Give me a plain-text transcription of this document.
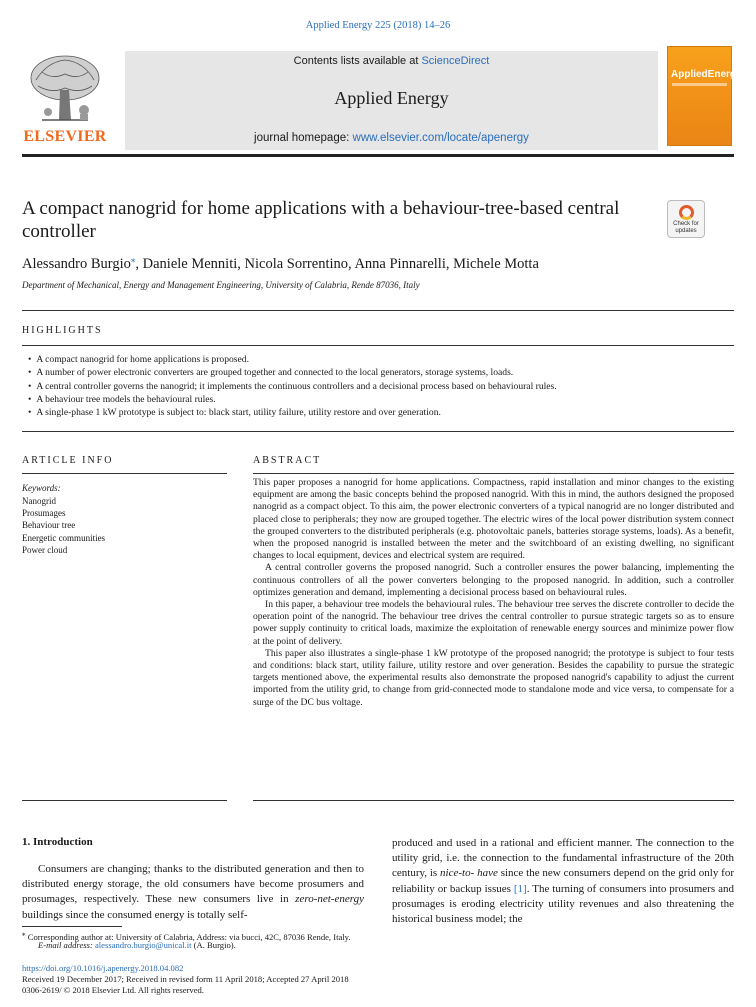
Applied Energy 225 (2018) 14–26
ELSEVIER
Contents lists available at ScienceDirect
Applied Energy
journal homepage: www.elsevier.com/locate/apenergy
AppliedEnergy
A compact nanogrid for home applications with a behaviour-tree-based central controller	Check for updates
Alessandro Burgio⁎, Daniele Menniti, Nicola Sorrentino, Anna Pinnarelli, Michele Motta
Department of Mechanical, Energy and Management Engineering, University of Calabria, Rende 87036, Italy
HIGHLIGHTS
• A compact nanogrid for home applications is proposed.
• A number of power electronic converters are grouped together and connected to the local generators, storage systems, loads.
• A central controller governs the nanogrid; it implements the continuous controllers and a decisional process based on behavioural rules.
• A behaviour tree models the behavioural rules.
• A single-phase 1 kW prototype is subject to: black start, utility failure, utility restore and over generation.
ARTICLE INFO
Keywords:
Nanogrid
Prosumages
Behaviour tree
Energetic communities
Power cloud
ABSTRACT

This paper proposes a nanogrid for home applications. Compactness, rapid installation and minor changes to the existing equipment are among the basic concepts behind the proposed nanogrid. With this in mind, the authors designed the proposed nanogrid as a compact object. To this aim, the power electronic converters of a typical nanogrid are no longer distributed and placed close to peripherals; they now are grouped together. The electric wires of the local power distribution system connect the grouped converters to the distributed peripherals (e.g. photovoltaic panels, batteries storage systems, loads). As a benefit, when the proposed nanogrid is installed between the meter and the switchboard of an existing dwelling, no significant changes to local equipment, devices and electrical system are required.

A central controller governs the proposed nanogrid. Such a controller ensures the power balancing, implementing the continuous controllers of all the power converters belonging to the proposed nanogrid. In addition, such a controller optimizes generation and demand, implementing a decisional process based on behavioural rules.

In this paper, a behaviour tree models the behavioural rules. The behaviour tree serves the discrete controller to decide the operation point of the nanogrid. The behaviour tree drives the central controller to pursue strategic targets so as to ensure power supply continuity to critical loads, maximize the exploitation of renewable energy sources and minimize power flow at the point of delivery.

This paper also illustrates a single-phase 1 kW prototype of the proposed nanogrid; the prototype is subject to four tests and conditions: black start, utility failure, utility restore and over generation. Besides the capability to pursue the strategic targets mentioned above, the experimental results also demonstrate the proposed nanogrid's capability to adjust the current imported from the utility grid, to change from grid-connected mode to standalone mode and vice versa, to compensate for a surge of the DC bus voltage.

1. Introduction
Consumers are changing; thanks to the distributed generation and then to distributed energy storage, the old consumers have become prosumers and prosumages, respectively. These new consumers live in zero-net-energy buildings since the consumed energy is totally self-
produced and used in a rational and efficient manner. The connection to the utility grid, i.e. the connection to the fundamental infrastructure of the 20th century, is nice-to- have since the new consumers depend on the grid only for reliability or backup issues [1]. The turning of consumers into prosumers and prosumages is eroding electricity utility revenues and also threatening the historical business model; the
⁎ Corresponding author at: University of Calabria, Address: via bucci, 42C, 87036 Rende, Italy.
E-mail address: alessandro.burgio@unical.it (A. Burgio).
https://doi.org/10.1016/j.apenergy.2018.04.082
Received 19 December 2017; Received in revised form 11 April 2018; Accepted 27 April 2018
0306-2619/ © 2018 Elsevier Ltd. All rights reserved.
